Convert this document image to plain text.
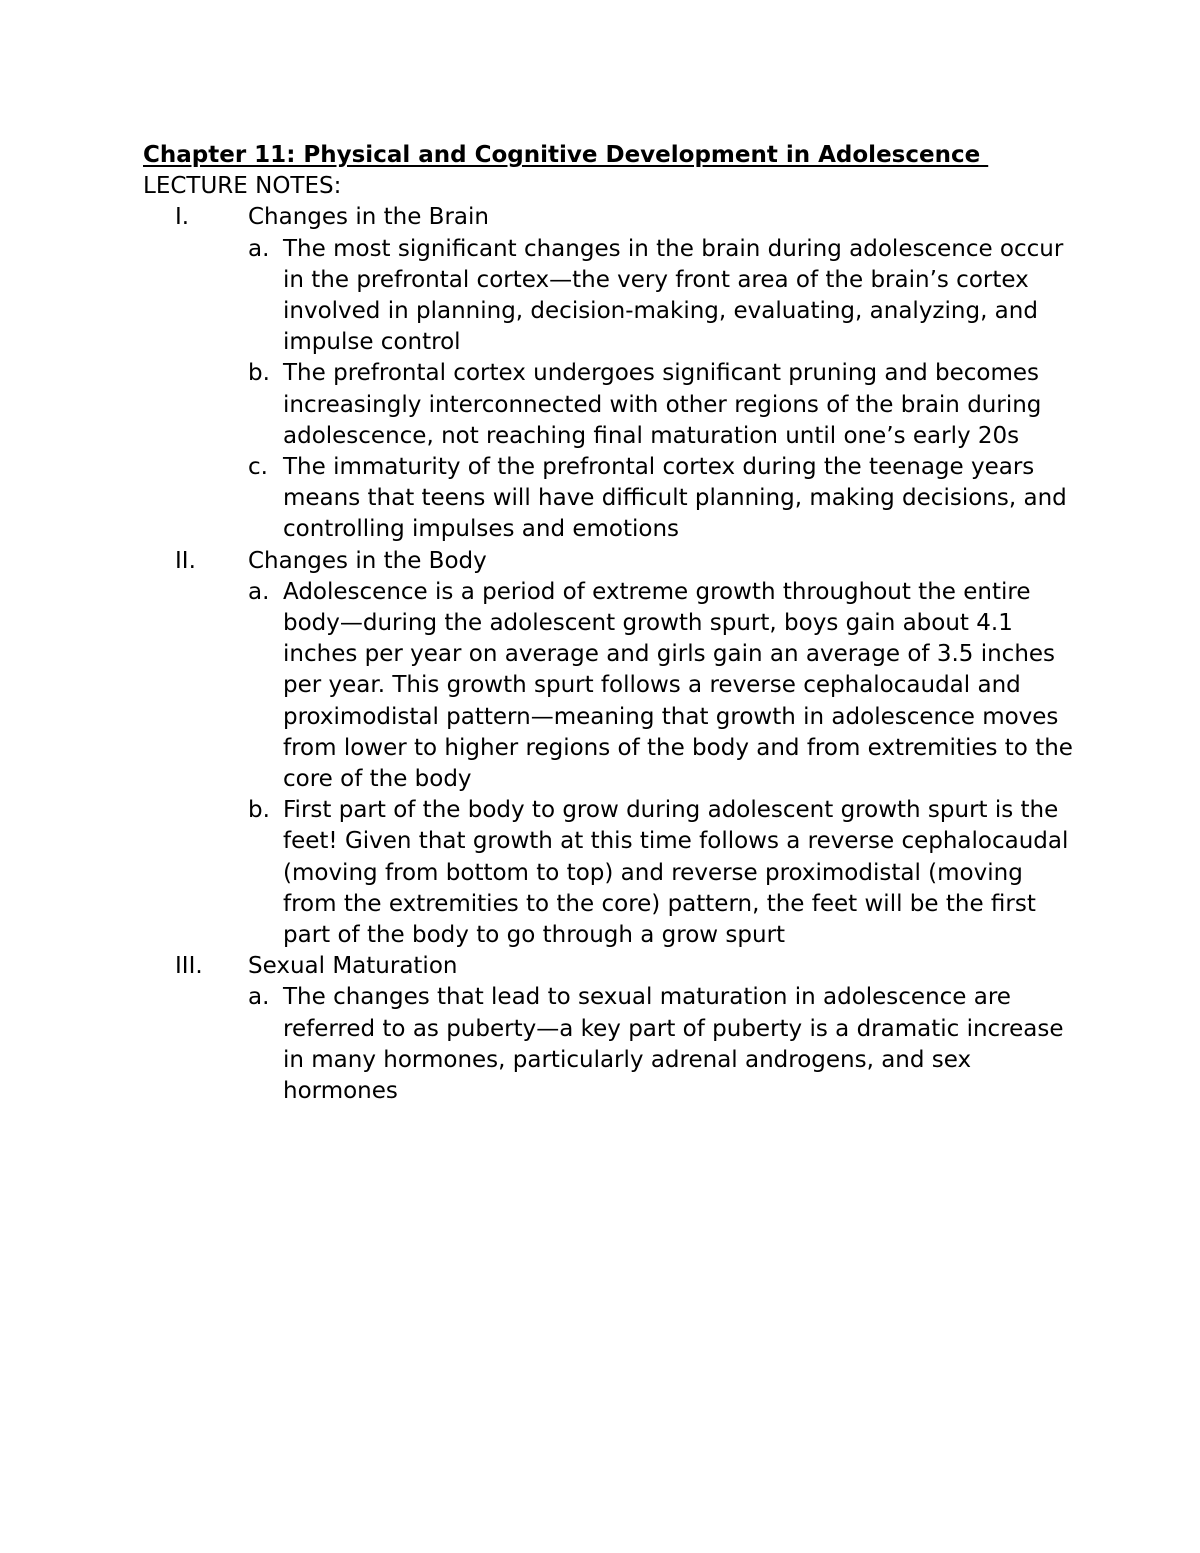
Chapter 11: Physical and Cognitive Development in Adolescence
LECTURE NOTES:
I.	Changes in the Brain
a. The most significant changes in the brain during adolescence occur in the prefrontal cortex—the very front area of the brain’s cortex involved in planning, decision-making, evaluating, analyzing, and impulse control
b. The prefrontal cortex undergoes significant pruning and becomes increasingly interconnected with other regions of the brain during adolescence, not reaching final maturation until one’s early 20s
c. The immaturity of the prefrontal cortex during the teenage years means that teens will have difficult planning, making decisions, and controlling impulses and emotions
II.	Changes in the Body
a. Adolescence is a period of extreme growth throughout the entire body—during the adolescent growth spurt, boys gain about 4.1 inches per year on average and girls gain an average of 3.5 inches per year. This growth spurt follows a reverse cephalocaudal and proximodistal pattern—meaning that growth in adolescence moves from lower to higher regions of the body and from extremities to the core of the body
b. First part of the body to grow during adolescent growth spurt is the feet! Given that growth at this time follows a reverse cephalocaudal (moving from bottom to top) and reverse proximodistal (moving from the extremities to the core) pattern, the feet will be the first part of the body to go through a grow spurt
III.	Sexual Maturation
a. The changes that lead to sexual maturation in adolescence are referred to as puberty—a key part of puberty is a dramatic increase in many hormones, particularly adrenal androgens, and sex hormones
